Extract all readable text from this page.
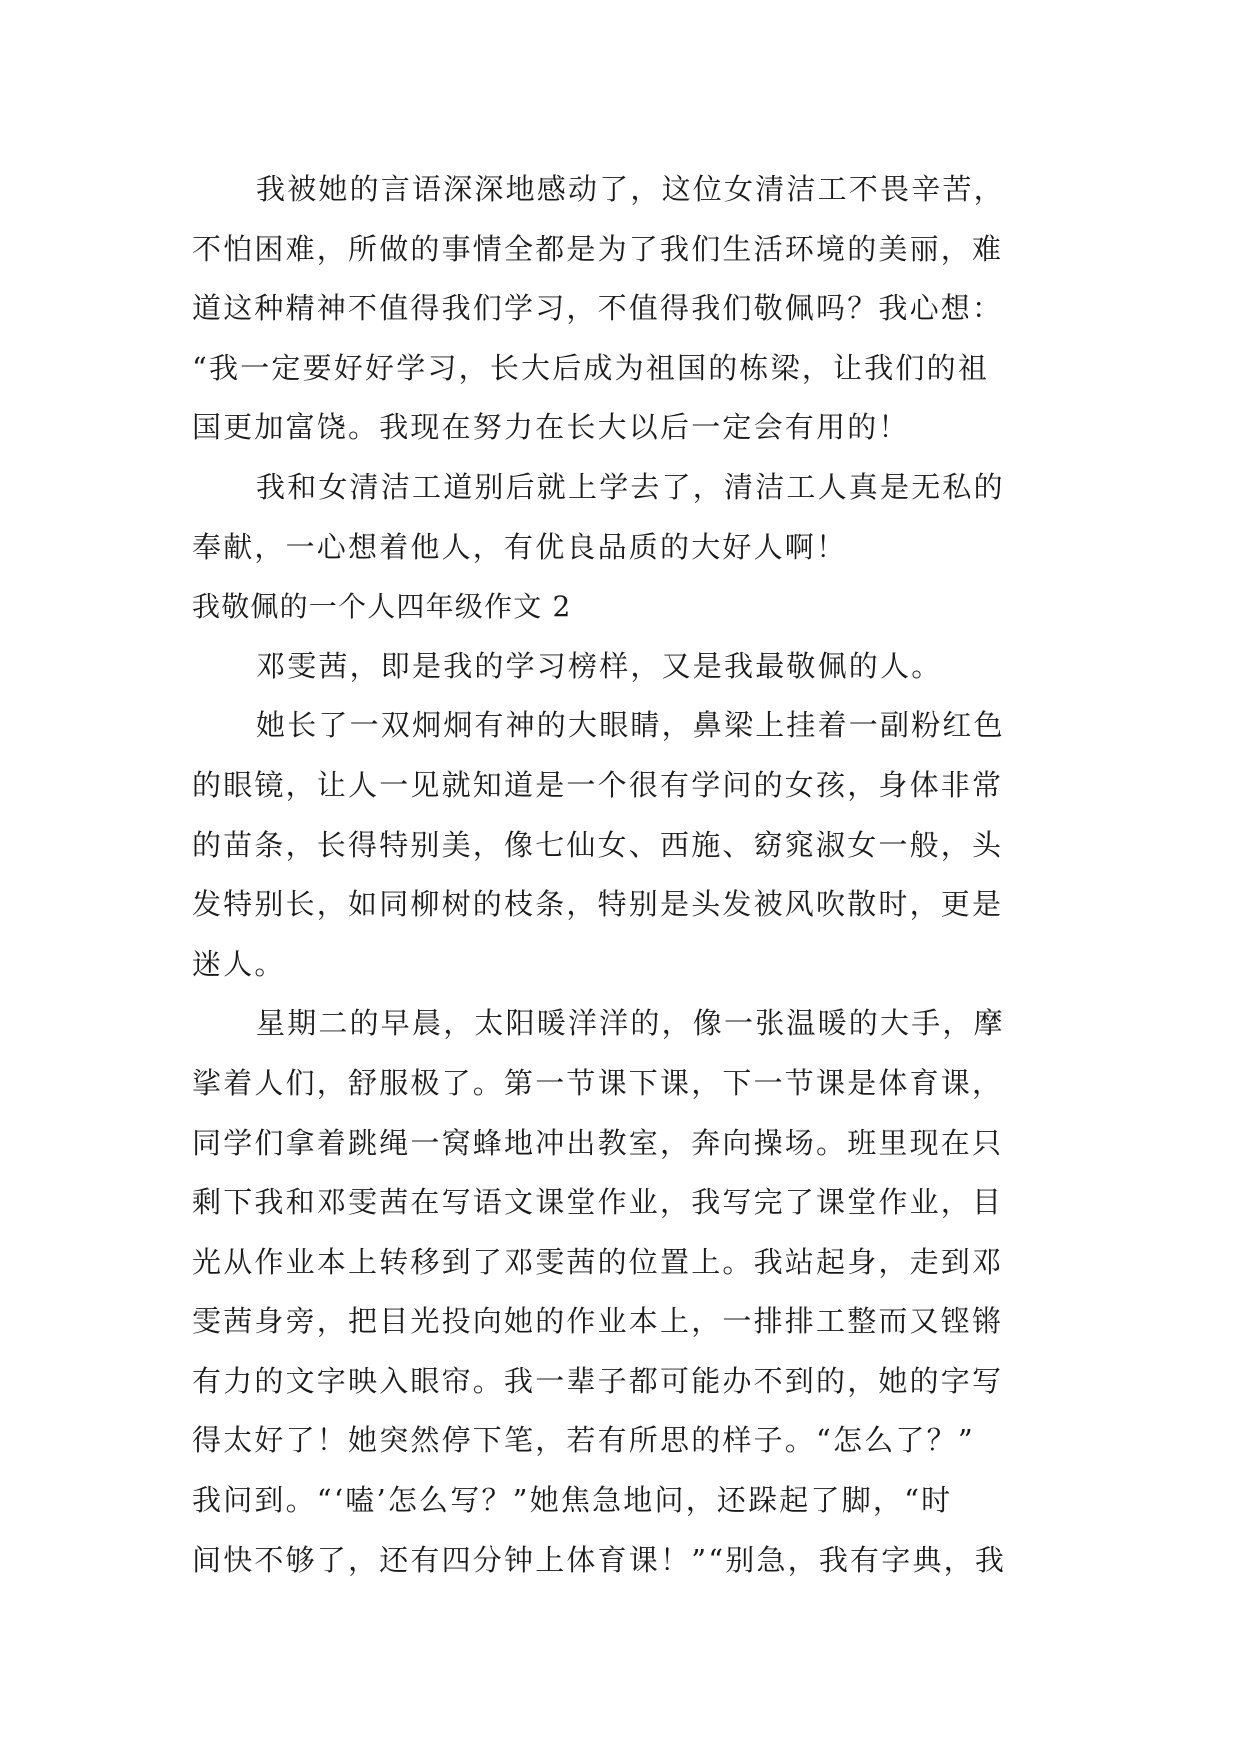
我被她的言语深深地感动了，这位女清洁工不畏辛苦，
不怕困难，所做的事情全都是为了我们生活环境的美丽，难
道这种精神不值得我们学习，不值得我们敬佩吗？我心想：
“我一定要好好学习，长大后成为祖国的栋梁，让我们的祖
国更加富饶。我现在努力在长大以后一定会有用的！
我和女清洁工道别后就上学去了，清洁工人真是无私的
奉献，一心想着他人，有优良品质的大好人啊！
我敬佩的一个人四年级作文 2
邓雯茜，即是我的学习榜样，又是我最敬佩的人。
她长了一双炯炯有神的大眼睛，鼻梁上挂着一副粉红色
的眼镜，让人一见就知道是一个很有学问的女孩，身体非常
的苗条，长得特别美，像七仙女、西施、窈窕淑女一般，头
发特别长，如同柳树的枝条，特别是头发被风吹散时，更是
迷人。
星期二的早晨，太阳暖洋洋的，像一张温暖的大手，摩
挲着人们，舒服极了。第一节课下课，下一节课是体育课，
同学们拿着跳绳一窝蜂地冲出教室，奔向操场。班里现在只
剩下我和邓雯茜在写语文课堂作业，我写完了课堂作业，目
光从作业本上转移到了邓雯茜的位置上。我站起身，走到邓
雯茜身旁，把目光投向她的作业本上，一排排工整而又铿锵
有力的文字映入眼帘。我一辈子都可能办不到的，她的字写
得太好了！她突然停下笔，若有所思的样子。“怎么了？”
我问到。“‘嗑’怎么写？”她焦急地问，还跺起了脚，“时
间快不够了，还有四分钟上体育课！”“别急，我有字典，我
